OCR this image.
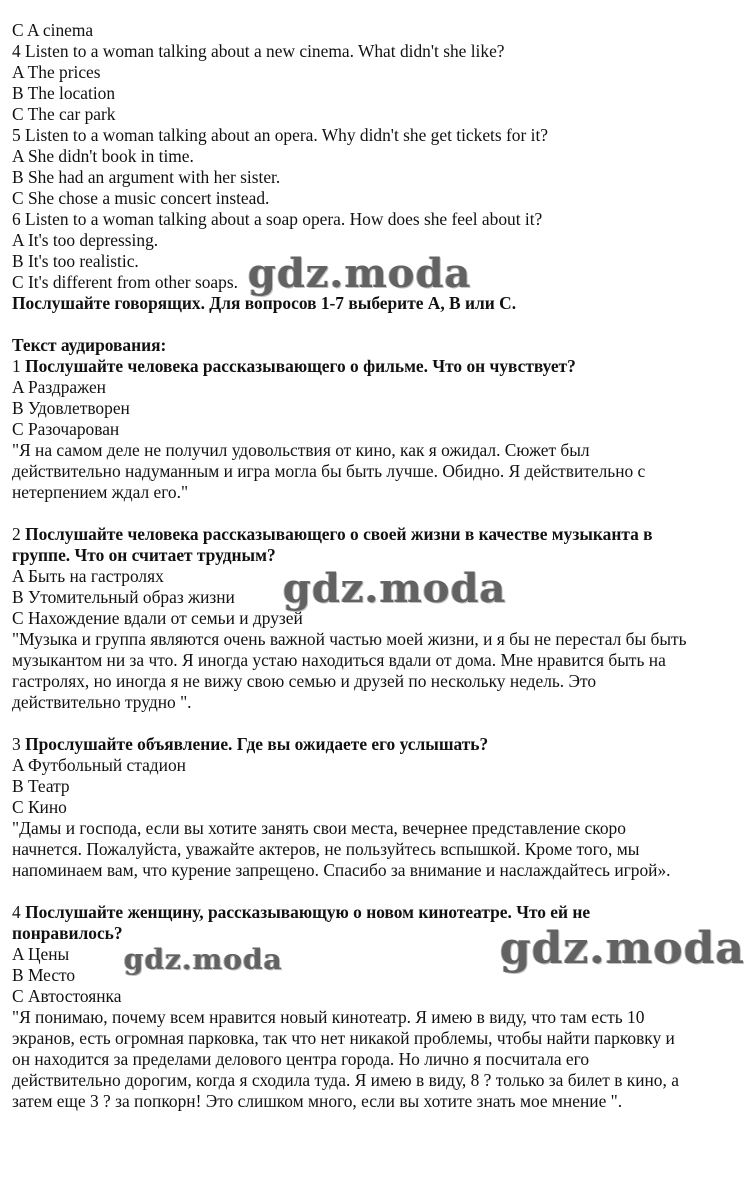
C A cinema
4 Listen to a woman talking about a new cinema. What didn't she like?
A The prices
B The location
C The car park
5 Listen to a woman talking about an opera. Why didn't she get tickets for it?
A She didn't book in time.
B She had an argument with her sister.
C She chose a music concert instead.
6 Listen to a woman talking about a soap opera. How does she feel about it?
A It's too depressing.
B It's too realistic.
C It's different from other soaps.
Послушайте говорящих. Для вопросов 1-7 выберите A, B или C.
Текст аудирования:
1 Послушайте человека рассказывающего о фильме. Что он чувствует?
A Раздражен
B Удовлетворен
C Разочарован
"Я на самом деле не получил удовольствия от кино, как я ожидал. Сюжет был
действительно надуманным и игра могла бы быть лучше. Обидно. Я действительно с
нетерпением ждал его."
2 Послушайте человека рассказывающего о своей жизни в качестве музыканта в
группе. Что он считает трудным?
A Быть на гастролях
B Утомительный образ жизни
C Нахождение вдали от семьи и друзей
"Музыка и группа являются очень важной частью моей жизни, и я бы не перестал бы быть
музыкантом ни за что. Я иногда устаю находиться вдали от дома. Мне нравится быть на
гастролях, но иногда я не вижу свою семью и друзей по нескольку недель. Это
действительно трудно ".
3 Прослушайте объявление. Где вы ожидаете его услышать?
A Футбольный стадион
B Театр
C Кино
"Дамы и господа, если вы хотите занять свои места, вечернее представление скоро
начнется. Пожалуйста, уважайте актеров, не пользуйтесь вспышкой. Кроме того, мы
напоминаем вам, что курение запрещено. Спасибо за внимание и наслаждайтесь игрой».
4 Послушайте женщину, рассказывающую о новом кинотеатре. Что ей не
понравилось?
A Цены
B Место
C Автостоянка
"Я понимаю, почему всем нравится новый кинотеатр. Я имею в виду, что там есть 10
экранов, есть огромная парковка, так что нет никакой проблемы, чтобы найти парковку и
он находится за пределами делового центра города. Но лично я посчитала его
действительно дорогим, когда я сходила туда. Я имею в виду, 8 ? только за билет в кино, а
затем еще 3 ? за попкорн! Это слишком много, если вы хотите знать мое мнение ".
gdz.moda
gdz.moda
gdz.moda
gdz.moda
